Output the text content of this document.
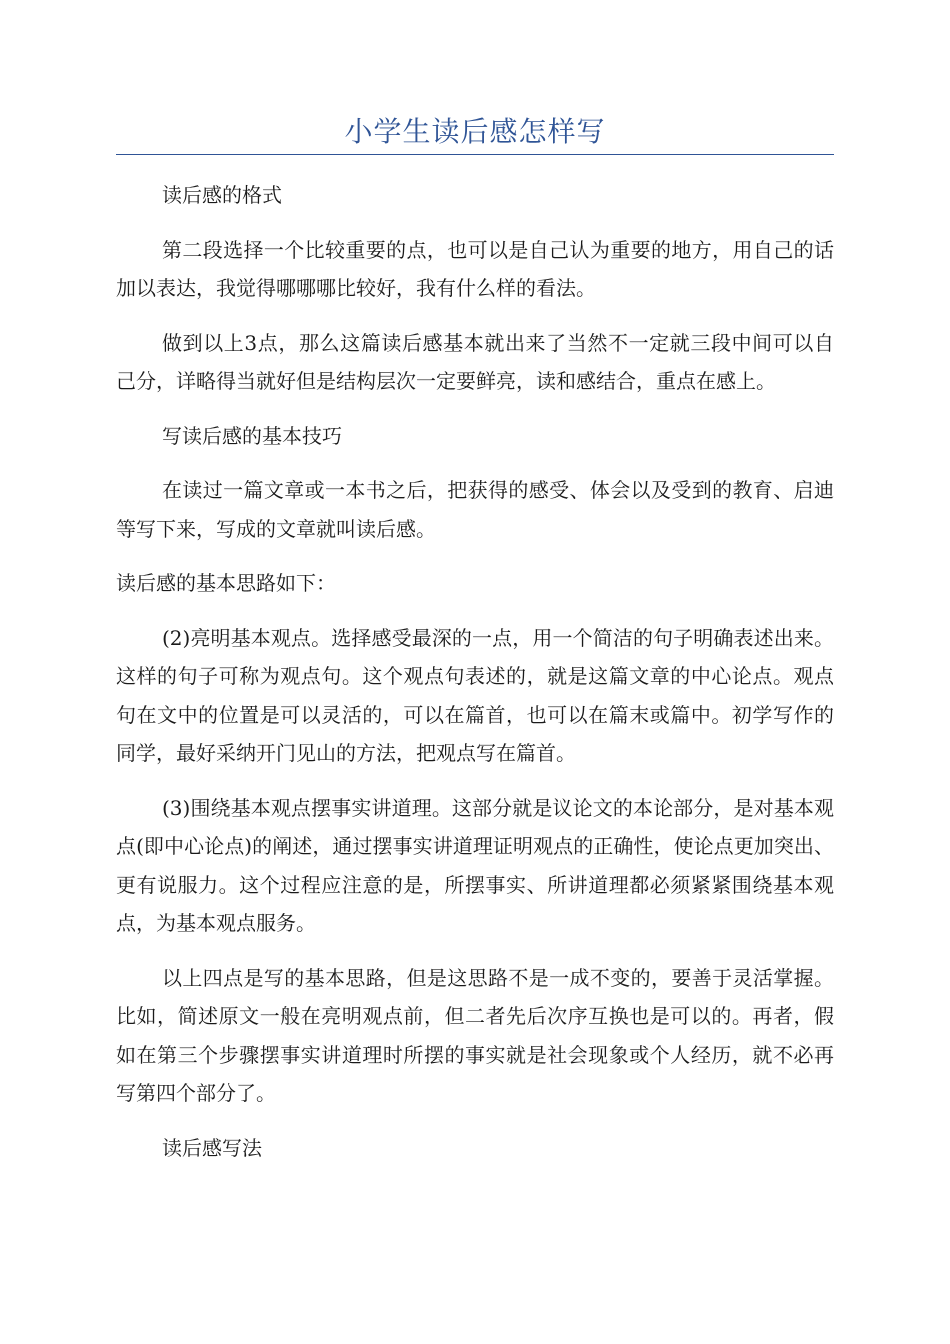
小学生读后感怎样写

读后感的格式

第二段选择一个比较重要的点，也可以是自己认为重要的地方，用自己的话加以表达，我觉得哪哪哪比较好，我有什么样的看法。

做到以上3点，那么这篇读后感基本就出来了当然不一定就三段中间可以自己分，详略得当就好但是结构层次一定要鲜亮，读和感结合，重点在感上。

写读后感的基本技巧

在读过一篇文章或一本书之后，把获得的感受、体会以及受到的教育、启迪等写下来，写成的文章就叫读后感。

读后感的基本思路如下：

(2)亮明基本观点。选择感受最深的一点，用一个简洁的句子明确表述出来。这样的句子可称为观点句。这个观点句表述的，就是这篇文章的中心论点。观点句在文中的位置是可以灵活的，可以在篇首，也可以在篇末或篇中。初学写作的同学，最好采纳开门见山的方法，把观点写在篇首。

(3)围绕基本观点摆事实讲道理。这部分就是议论文的本论部分，是对基本观点(即中心论点)的阐述，通过摆事实讲道理证明观点的正确性，使论点更加突出、更有说服力。这个过程应注意的是，所摆事实、所讲道理都必须紧紧围绕基本观点，为基本观点服务。

以上四点是写的基本思路，但是这思路不是一成不变的，要善于灵活掌握。比如，简述原文一般在亮明观点前，但二者先后次序互换也是可以的。再者，假如在第三个步骤摆事实讲道理时所摆的事实就是社会现象或个人经历，就不必再写第四个部分了。

读后感写法
